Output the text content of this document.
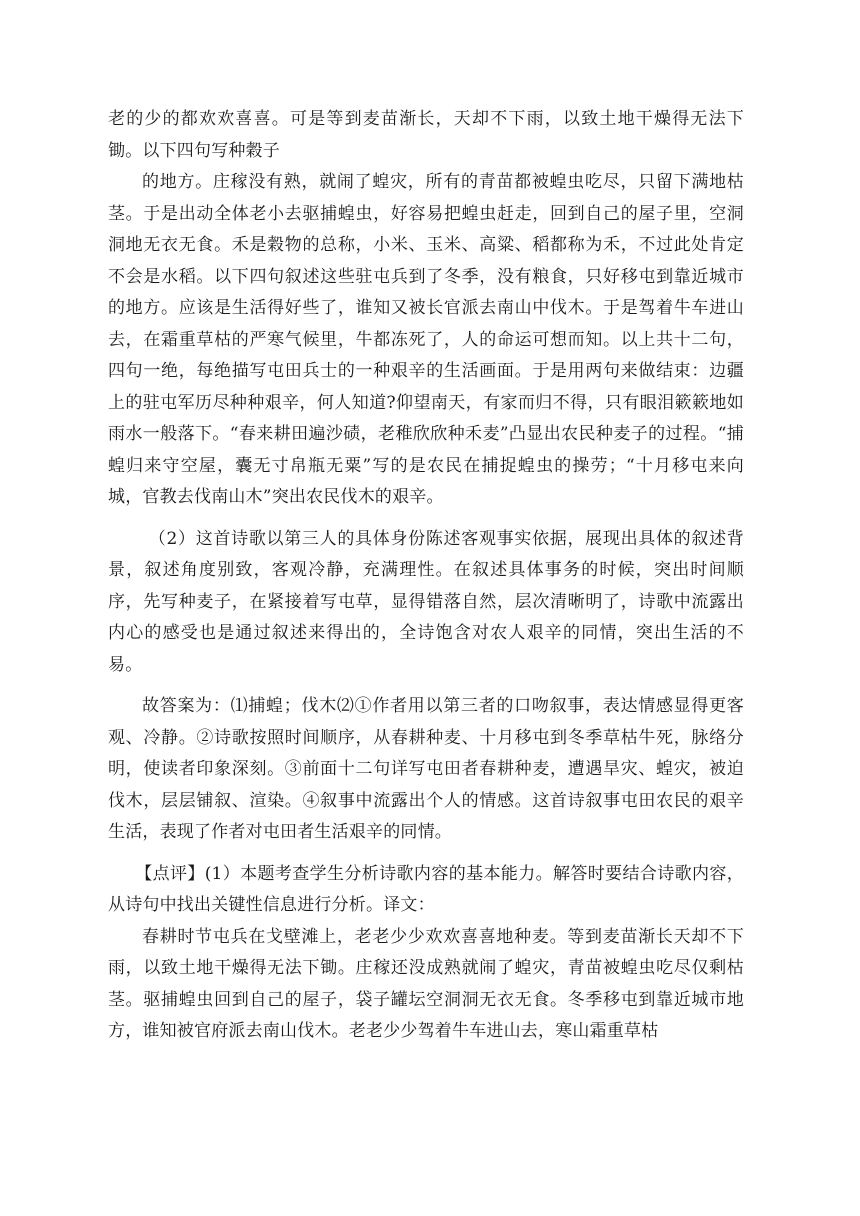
老的少的都欢欢喜喜。可是等到麦苗渐长，天却不下雨，以致土地干燥得无法下锄。以下四句写种穀子

的地方。庄稼没有熟，就闹了蝗灾，所有的青苗都被蝗虫吃尽，只留下满地枯茎。于是出动全体老小去驱捕蝗虫，好容易把蝗虫赶走，回到自己的屋子里，空洞洞地无衣无食。禾是穀物的总称，小米、玉米、高粱、稻都称为禾，不过此处肯定不会是水稻。以下四句叙述这些驻屯兵到了冬季，没有粮食，只好移屯到靠近城市的地方。应该是生活得好些了，谁知又被长官派去南山中伐木。于是驾着牛车进山去，在霜重草枯的严寒气候里，牛都冻死了，人的命运可想而知。以上共十二句，四句一绝，每绝描写屯田兵士的一种艰辛的生活画面。于是用两句来做结束：边疆上的驻屯军历尽种种艰辛，何人知道?仰望南天，有家而归不得，只有眼泪簌簌地如雨水一般落下。“春来耕田遍沙碛，老稚欣欣种禾麦”凸显出农民种麦子的过程。“捕蝗归来守空屋，囊无寸帛瓶无粟”写的是农民在捕捉蝗虫的操劳；“十月移屯来向城，官教去伐南山木”突出农民伐木的艰辛。

（2）这首诗歌以第三人的具体身份陈述客观事实依据，展现出具体的叙述背景，叙述角度别致，客观冷静，充满理性。在叙述具体事务的时候，突出时间顺序，先写种麦子，在紧接着写屯草，显得错落自然，层次清晰明了，诗歌中流露出内心的感受也是通过叙述来得出的，全诗饱含对农人艰辛的同情，突出生活的不易。

故答案为：⑴捕蝗；伐木⑵①作者用以第三者的口吻叙事，表达情感显得更客观、冷静。②诗歌按照时间顺序，从春耕种麦、十月移屯到冬季草枯牛死，脉络分明，使读者印象深刻。③前面十二句详写屯田者春耕种麦，遭遇旱灾、蝗灾，被迫伐木，层层铺叙、渲染。④叙事中流露出个人的情感。这首诗叙事屯田农民的艰辛生活，表现了作者对屯田者生活艰辛的同情。

【点评】(1）本题考查学生分析诗歌内容的基本能力。解答时要结合诗歌内容，从诗句中找出关键性信息进行分析。译文：

春耕时节屯兵在戈壁滩上，老老少少欢欢喜喜地种麦。等到麦苗渐长天却不下雨，以致土地干燥得无法下锄。庄稼还没成熟就闹了蝗灾，青苗被蝗虫吃尽仅剩枯茎。驱捕蝗虫回到自己的屋子，袋子罐坛空洞洞无衣无食。冬季移屯到靠近城市地方，谁知被官府派去南山伐木。老老少少驾着牛车进山去，寒山霜重草枯
